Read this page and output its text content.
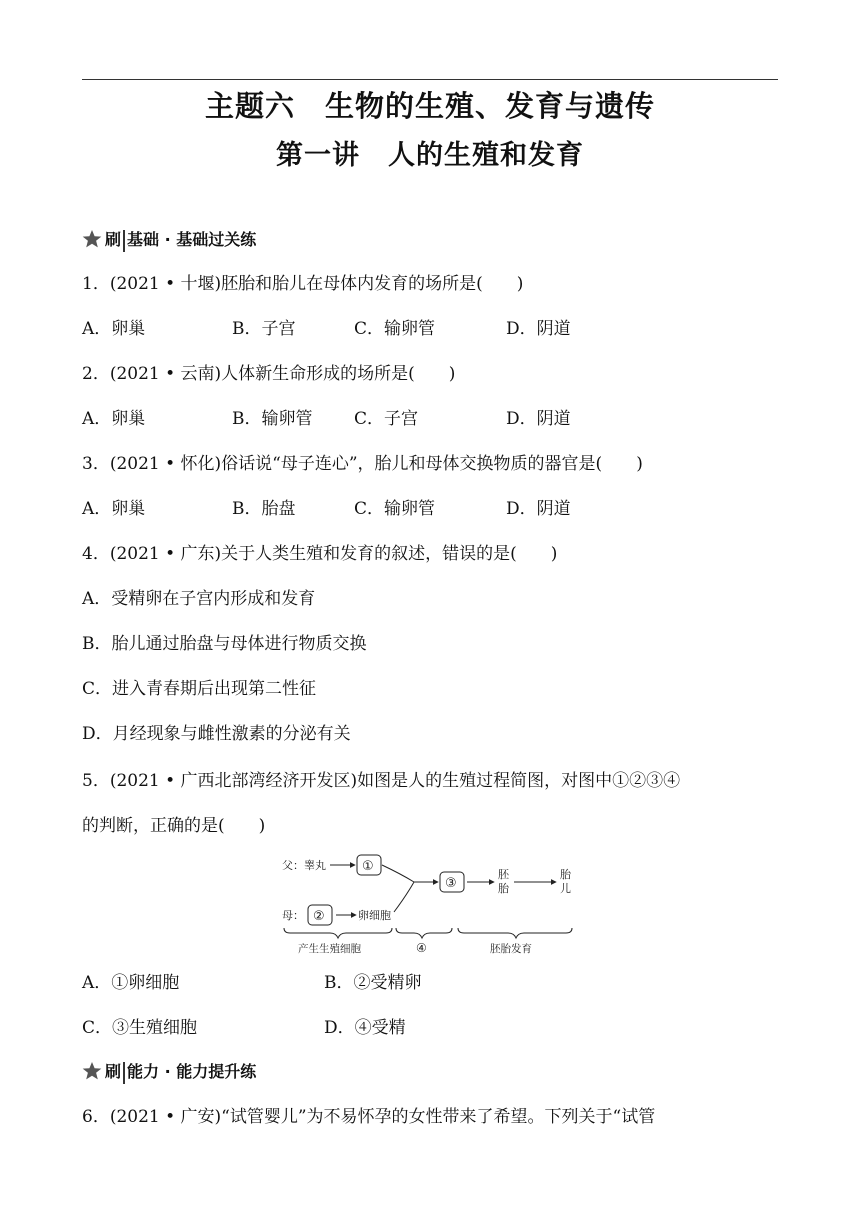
主题六　生物的生殖、发育与遗传
第一讲　人的生殖和发育
刷 基础 · 基础过关练
1．(2021 • 十堰)胚胎和胎儿在母体内发育的场所是(　　)
A．卵巢	B．子宫	C．输卵管	D．阴道
2．(2021 • 云南)人体新生命形成的场所是(　　)
A．卵巢	B．输卵管 C．子宫	D．阴道
3．(2021 • 怀化)俗话说“母子连心”，胎儿和母体交换物质的器官是(　　)
A．卵巢	B．胎盘	C．输卵管	D．阴道
4．(2021 • 广东)关于人类生殖和发育的叙述，错误的是(　　)
A．受精卵在子宫内形成和发育
B．胎儿通过胎盘与母体进行物质交换
C．进入青春期后出现第二性征
D．月经现象与雌性激素的分泌有关
5．(2021 • 广西北部湾经济开发区)如图是人的生殖过程简图，对图中①②③④
的判断，正确的是(　　)
父：睾丸	①
母： ②	卵细胞
③
胚
胎
胎
儿
产生生殖细胞	④	胚胎发育
A．①卵细胞	B．②受精卵
C．③生殖细胞	D．④受精
刷 能力 · 能力提升练
6．(2021 • 广安)“试管婴儿”为不易怀孕的女性带来了希望。下列关于“试管
